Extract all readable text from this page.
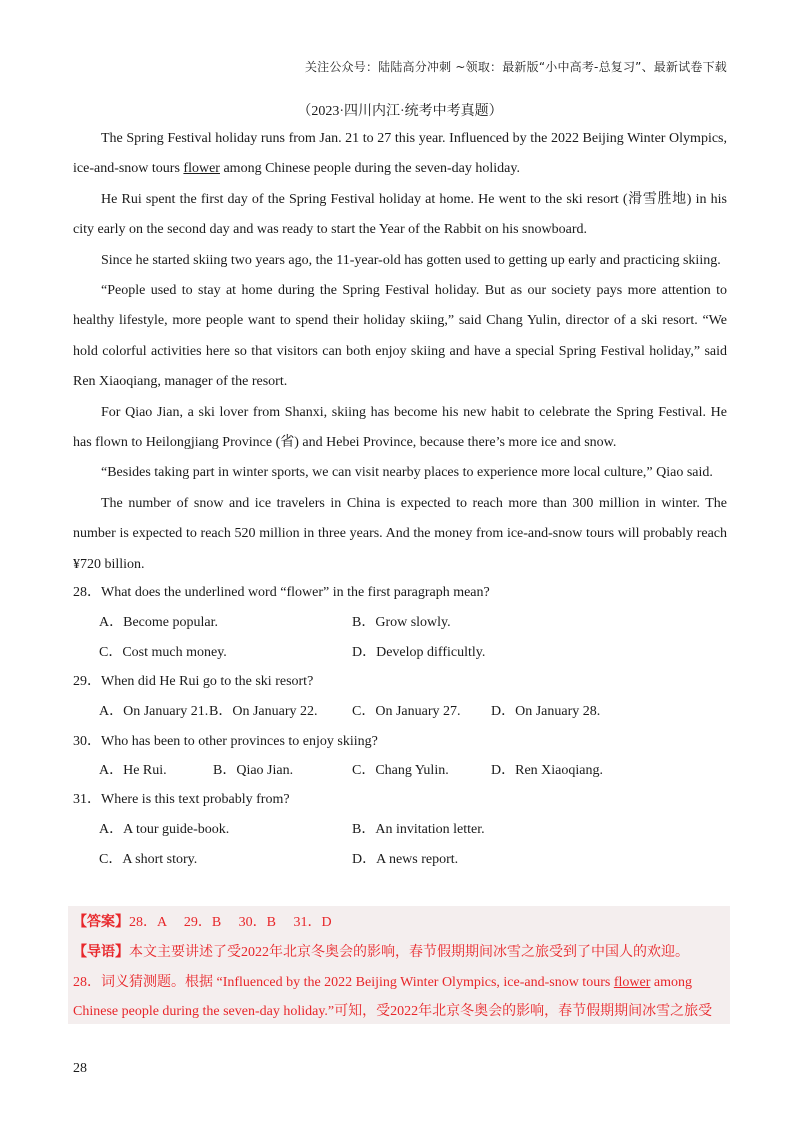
关注公众号：陆陆高分冲刺 ~领取：最新版“小中高考-总复习”、最新试卷下载
（2023·四川内江·统考中考真题）

The Spring Festival holiday runs from Jan. 21 to 27 this year. Influenced by the 2022 Beijing Winter Olympics, ice-and-snow tours flower among Chinese people during the seven-day holiday.

He Rui spent the first day of the Spring Festival holiday at home. He went to the ski resort (滑雪胜地) in his city early on the second day and was ready to start the Year of the Rabbit on his snowboard.

Since he started skiing two years ago, the 11-year-old has gotten used to getting up early and practicing skiing.

“People used to stay at home during the Spring Festival holiday. But as our society pays more attention to healthy lifestyle, more people want to spend their holiday skiing,” said Chang Yulin, director of a ski resort. “We hold colorful activities here so that visitors can both enjoy skiing and have a special Spring Festival holiday,” said Ren Xiaoqiang, manager of the resort.

For Qiao Jian, a ski lover from Shanxi, skiing has become his new habit to celebrate the Spring Festival. He has flown to Heilongjiang Province (省) and Hebei Province, because there’s more ice and snow.

“Besides taking part in winter sports, we can visit nearby places to experience more local culture,” Qiao said.

The number of snow and ice travelers in China is expected to reach more than 300 million in winter. The number is expected to reach 520 million in three years. And the money from ice-and-snow tours will probably reach ¥720 billion.

28．What does the underlined word “flower” in the first paragraph mean?
A．Become popular.	B．Grow slowly.
C．Cost much money.	D．Develop difficultly.
29．When did He Rui go to the ski resort?
A．On January 21. B．On January 22. C．On January 27. D．On January 28.
30．Who has been to other provinces to enjoy skiing?
A．He Rui.	B．Qiao Jian.	C．Chang Yulin.	D．Ren Xiaoqiang.
31．Where is this text probably from?
A．A tour guide-book.	B．An invitation letter.
C．A short story.	D．A news report.
【答案】28．A　 29．B　 30．B　 31．D
【导语】本文主要讲述了受2022年北京冬奥会的影响，春节假期期间冰雪之旅受到了中国人的欢迎。
28．词义猜测题。根据 “Influenced by the 2022 Beijing Winter Olympics, ice-and-snow tours flower among
Chinese people during the seven-day holiday.”可知，受2022年北京冬奥会的影响，春节假期期间冰雪之旅受
28
